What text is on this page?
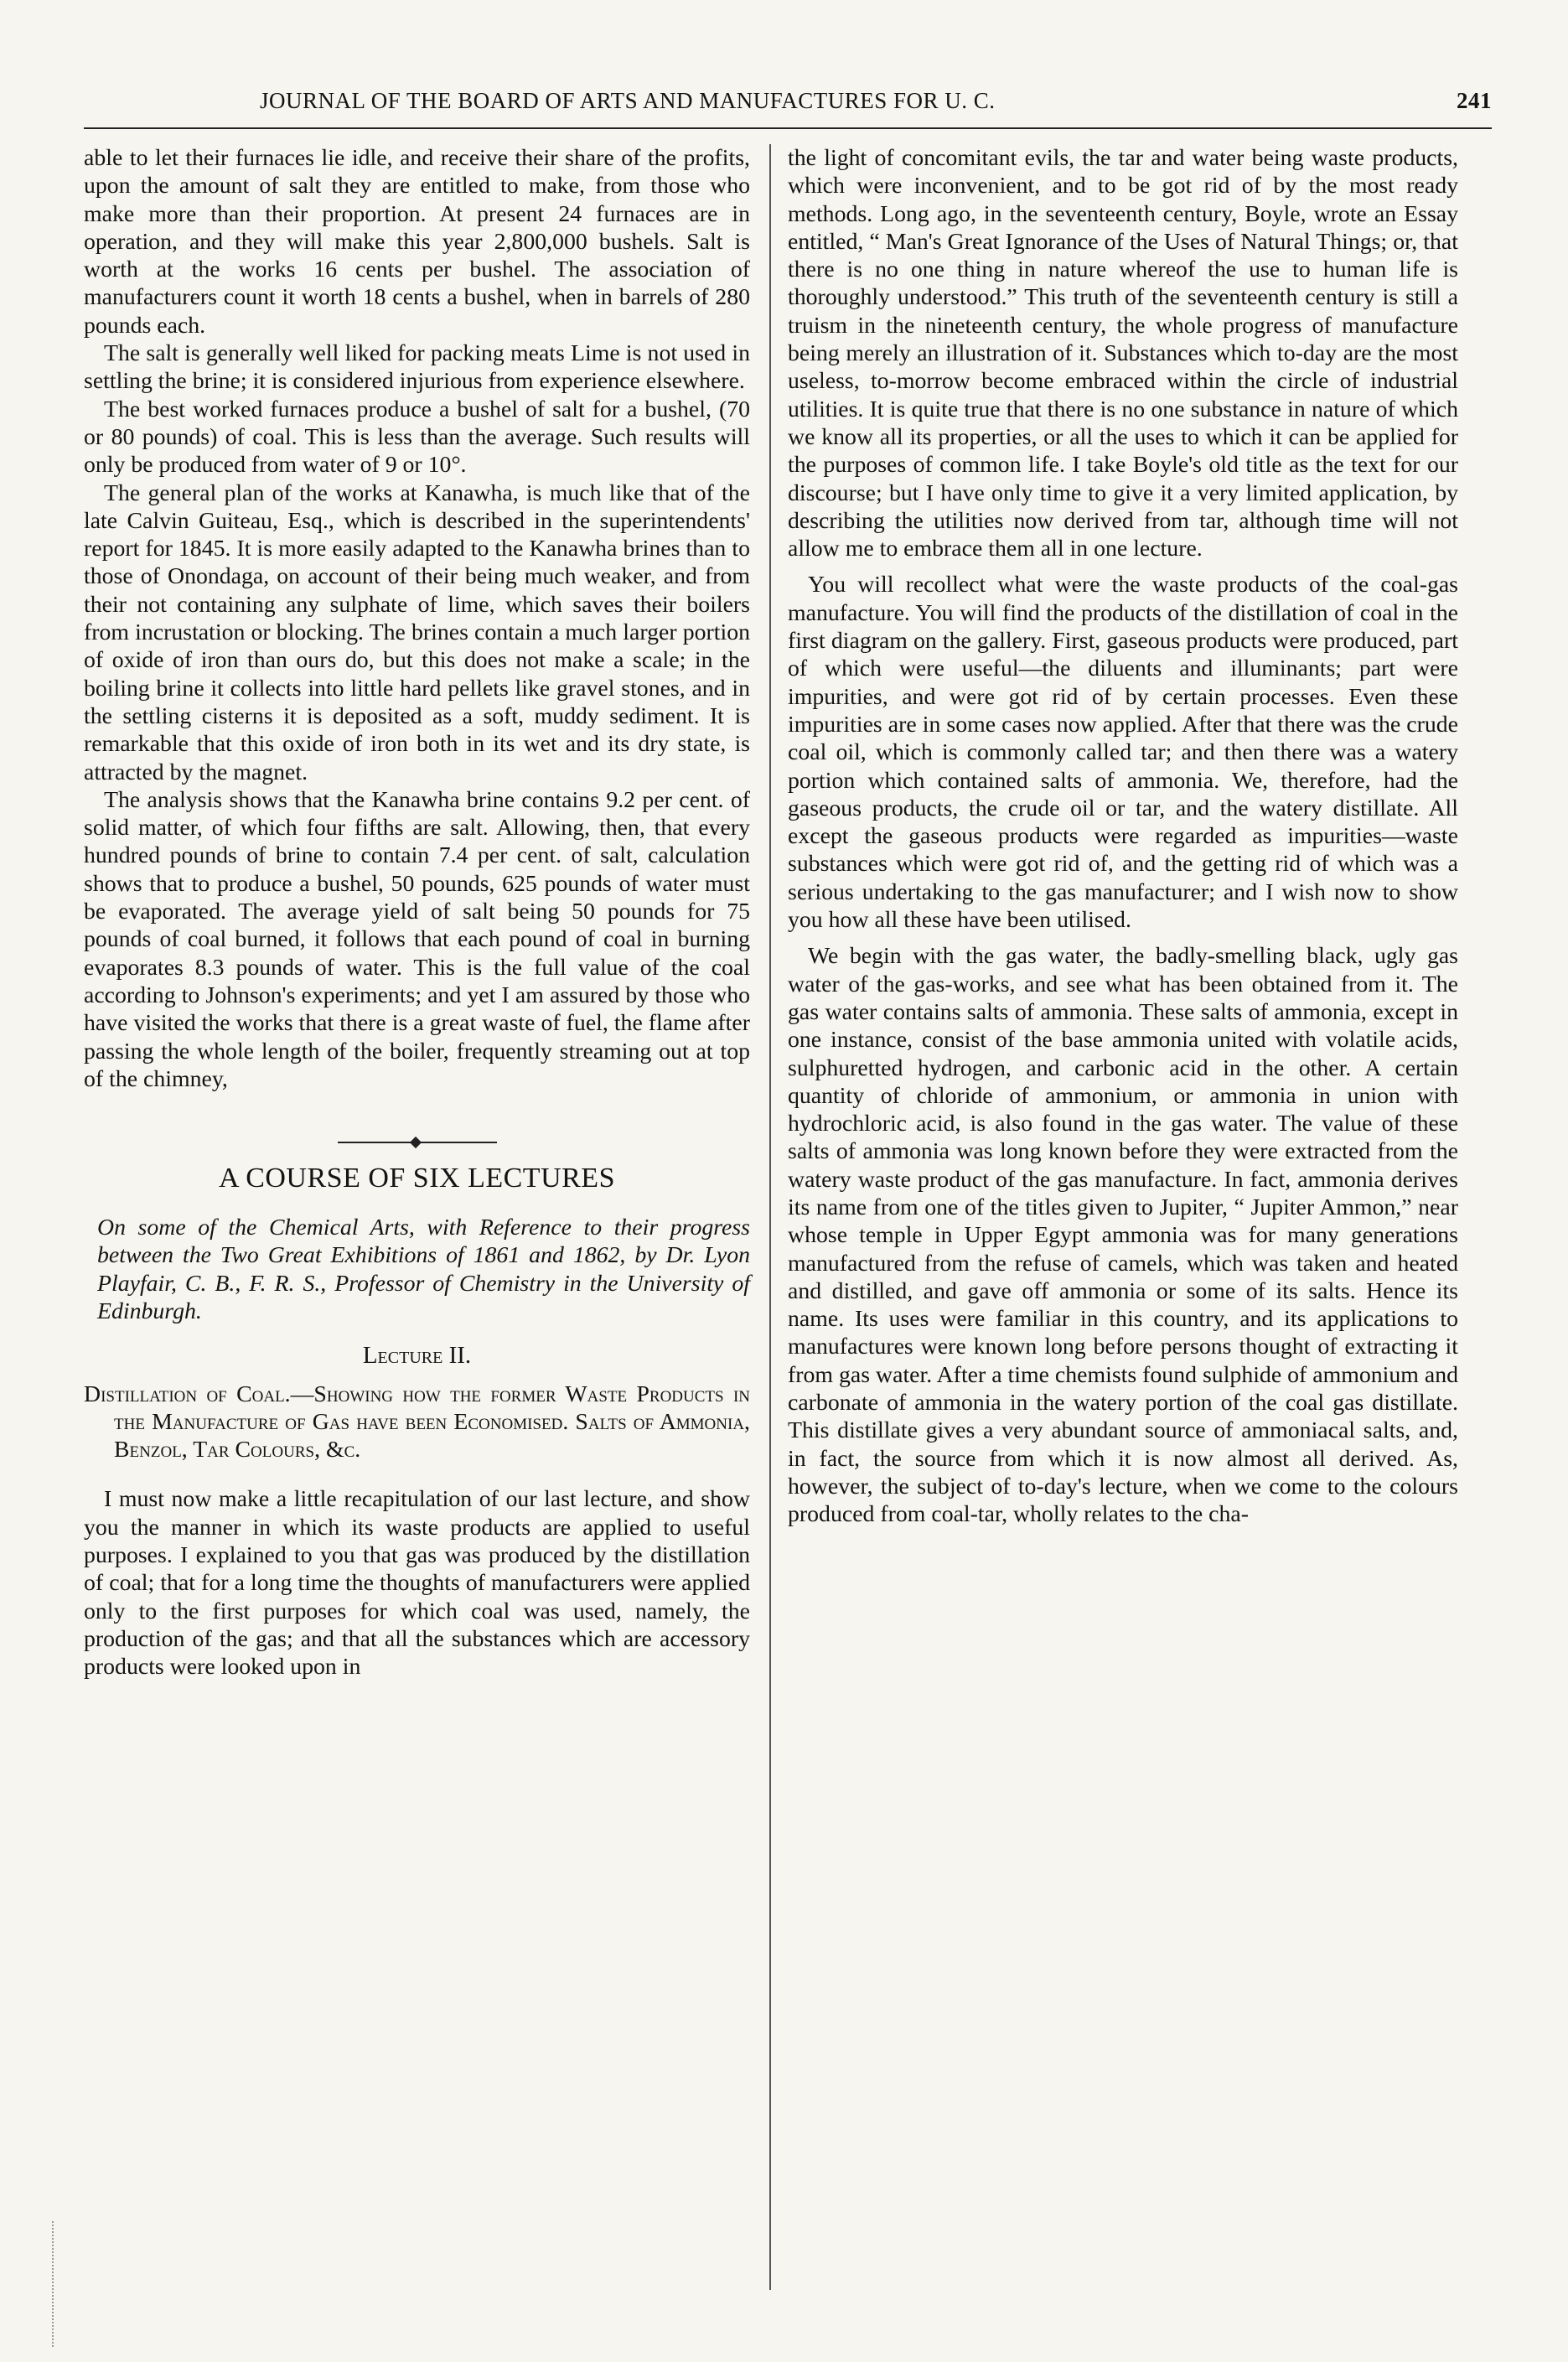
JOURNAL OF THE BOARD OF ARTS AND MANUFACTURES FOR U. C.	241

able to let their furnaces lie idle, and receive their share of the profits, upon the amount of salt they are entitled to make, from those who make more than their proportion. At present 24 furnaces are in operation, and they will make this year 2,800,000 bushels. Salt is worth at the works 16 cents per bushel. The association of manufacturers count it worth 18 cents a bushel, when in barrels of 280 pounds each.

The salt is generally well liked for packing meats Lime is not used in settling the brine; it is considered injurious from experience elsewhere.

The best worked furnaces produce a bushel of salt for a bushel, (70 or 80 pounds) of coal. This is less than the average. Such results will only be produced from water of 9 or 10°.

The general plan of the works at Kanawha, is much like that of the late Calvin Guiteau, Esq., which is described in the superintendents' report for 1845. It is more easily adapted to the Kanawha brines than to those of Onondaga, on account of their being much weaker, and from their not containing any sulphate of lime, which saves their boilers from incrustation or blocking. The brines contain a much larger portion of oxide of iron than ours do, but this does not make a scale; in the boiling brine it collects into little hard pellets like gravel stones, and in the settling cisterns it is deposited as a soft, muddy sediment. It is remarkable that this oxide of iron both in its wet and its dry state, is attracted by the magnet.

The analysis shows that the Kanawha brine contains 9.2 per cent. of solid matter, of which four fifths are salt. Allowing, then, that every hundred pounds of brine to contain 7.4 per cent. of salt, calculation shows that to produce a bushel, 50 pounds, 625 pounds of water must be evaporated. The average yield of salt being 50 pounds for 75 pounds of coal burned, it follows that each pound of coal in burning evaporates 8.3 pounds of water. This is the full value of the coal according to Johnson's experiments; and yet I am assured by those who have visited the works that there is a great waste of fuel, the flame after passing the whole length of the boiler, frequently streaming out at top of the chimney,

A COURSE OF SIX LECTURES

On some of the Chemical Arts, with Reference to their progress between the Two Great Exhibitions of 1861 and 1862, by Dr. Lyon Playfair, C. B., F. R. S., Professor of Chemistry in the University of Edinburgh.

Lecture II.

Distillation of Coal.—Showing how the former Waste Products in the Manufacture of Gas have been Economised. Salts of Ammonia, Benzol, Tar Colours, &c.

I must now make a little recapitulation of our last lecture, and show you the manner in which its waste products are applied to useful purposes. I explained to you that gas was produced by the distillation of coal; that for a long time the thoughts of manufacturers were applied only to the first purposes for which coal was used, namely, the production of the gas; and that all the substances which are accessory products were looked upon in

the light of concomitant evils, the tar and water being waste products, which were inconvenient, and to be got rid of by the most ready methods. Long ago, in the seventeenth century, Boyle, wrote an Essay entitled, “ Man's Great Ignorance of the Uses of Natural Things; or, that there is no one thing in nature whereof the use to human life is thoroughly understood.” This truth of the seventeenth century is still a truism in the nineteenth century, the whole progress of manufacture being merely an illustration of it. Substances which to-day are the most useless, to-morrow become embraced within the circle of industrial utilities. It is quite true that there is no one substance in nature of which we know all its properties, or all the uses to which it can be applied for the purposes of common life. I take Boyle's old title as the text for our discourse; but I have only time to give it a very limited application, by describing the utilities now derived from tar, although time will not allow me to embrace them all in one lecture.

You will recollect what were the waste products of the coal-gas manufacture. You will find the products of the distillation of coal in the first diagram on the gallery. First, gaseous products were produced, part of which were useful—the diluents and illuminants; part were impurities, and were got rid of by certain processes. Even these impurities are in some cases now applied. After that there was the crude coal oil, which is commonly called tar; and then there was a watery portion which contained salts of ammonia. We, therefore, had the gaseous products, the crude oil or tar, and the watery distillate. All except the gaseous products were regarded as impurities—waste substances which were got rid of, and the getting rid of which was a serious undertaking to the gas manufacturer; and I wish now to show you how all these have been utilised.

We begin with the gas water, the badly-smelling black, ugly gas water of the gas-works, and see what has been obtained from it. The gas water contains salts of ammonia. These salts of ammonia, except in one instance, consist of the base ammonia united with volatile acids, sulphuretted hydrogen, and carbonic acid in the other. A certain quantity of chloride of ammonium, or ammonia in union with hydrochloric acid, is also found in the gas water. The value of these salts of ammonia was long known before they were extracted from the watery waste product of the gas manufacture. In fact, ammonia derives its name from one of the titles given to Jupiter, “ Jupiter Ammon,” near whose temple in Upper Egypt ammonia was for many generations manufactured from the refuse of camels, which was taken and heated and distilled, and gave off ammonia or some of its salts. Hence its name. Its uses were familiar in this country, and its applications to manufactures were known long before persons thought of extracting it from gas water. After a time chemists found sulphide of ammonium and carbonate of ammonia in the watery portion of the coal gas distillate. This distillate gives a very abundant source of ammoniacal salts, and, in fact, the source from which it is now almost all derived. As, however, the subject of to-day's lecture, when we come to the colours produced from coal-tar, wholly relates to the cha-
